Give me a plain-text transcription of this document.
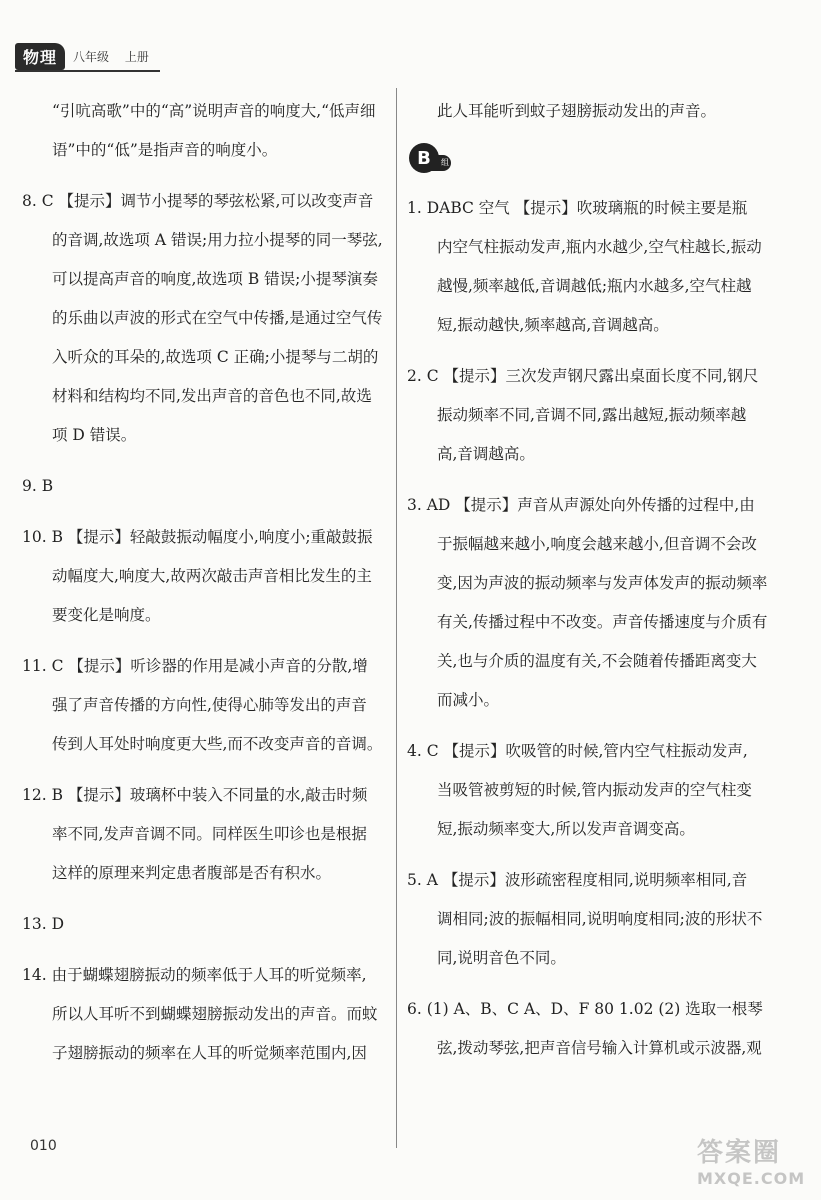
物理	八年级 上册
“引吭高歌”中的“高”说明声音的响度大,“低声细
语”中的“低”是指声音的响度小。
8. C 【提示】调节小提琴的琴弦松紧,可以改变声音
的音调,故选项 A 错误;用力拉小提琴的同一琴弦,
可以提高声音的响度,故选项 B 错误;小提琴演奏
的乐曲以声波的形式在空气中传播,是通过空气传
入听众的耳朵的,故选项 C 正确;小提琴与二胡的
材料和结构均不同,发出声音的音色也不同,故选
项 D 错误。
9. B
10. B 【提示】轻敲鼓振动幅度小,响度小;重敲鼓振
动幅度大,响度大,故两次敲击声音相比发生的主
要变化是响度。
11. C 【提示】听诊器的作用是减小声音的分散,增
强了声音传播的方向性,使得心肺等发出的声音
传到人耳处时响度更大些,而不改变声音的音调。
12. B 【提示】玻璃杯中装入不同量的水,敲击时频
率不同,发声音调不同。同样医生叩诊也是根据
这样的原理来判定患者腹部是否有积水。
13. D
14. 由于蝴蝶翅膀振动的频率低于人耳的听觉频率,
所以人耳听不到蝴蝶翅膀振动发出的声音。而蚊
子翅膀振动的频率在人耳的听觉频率范围内,因
此人耳能听到蚊子翅膀振动发出的声音。
B	组
1. DABC 空气 【提示】吹玻璃瓶的时候主要是瓶
内空气柱振动发声,瓶内水越少,空气柱越长,振动
越慢,频率越低,音调越低;瓶内水越多,空气柱越
短,振动越快,频率越高,音调越高。
2. C 【提示】三次发声钢尺露出桌面长度不同,钢尺
振动频率不同,音调不同,露出越短,振动频率越
高,音调越高。
3. AD 【提示】声音从声源处向外传播的过程中,由
于振幅越来越小,响度会越来越小,但音调不会改
变,因为声波的振动频率与发声体发声的振动频率
有关,传播过程中不改变。声音传播速度与介质有
关,也与介质的温度有关,不会随着传播距离变大
而减小。
4. C 【提示】吹吸管的时候,管内空气柱振动发声,
当吸管被剪短的时候,管内振动发声的空气柱变
短,振动频率变大,所以发声音调变高。
5. A 【提示】波形疏密程度相同,说明频率相同,音
调相同;波的振幅相同,说明响度相同;波的形状不
同,说明音色不同。
6. (1) A、B、C A、D、F 80 1.02 (2) 选取一根琴
弦,拨动琴弦,把声音信号输入计算机或示波器,观
010	答案圈
MXQE.COM
